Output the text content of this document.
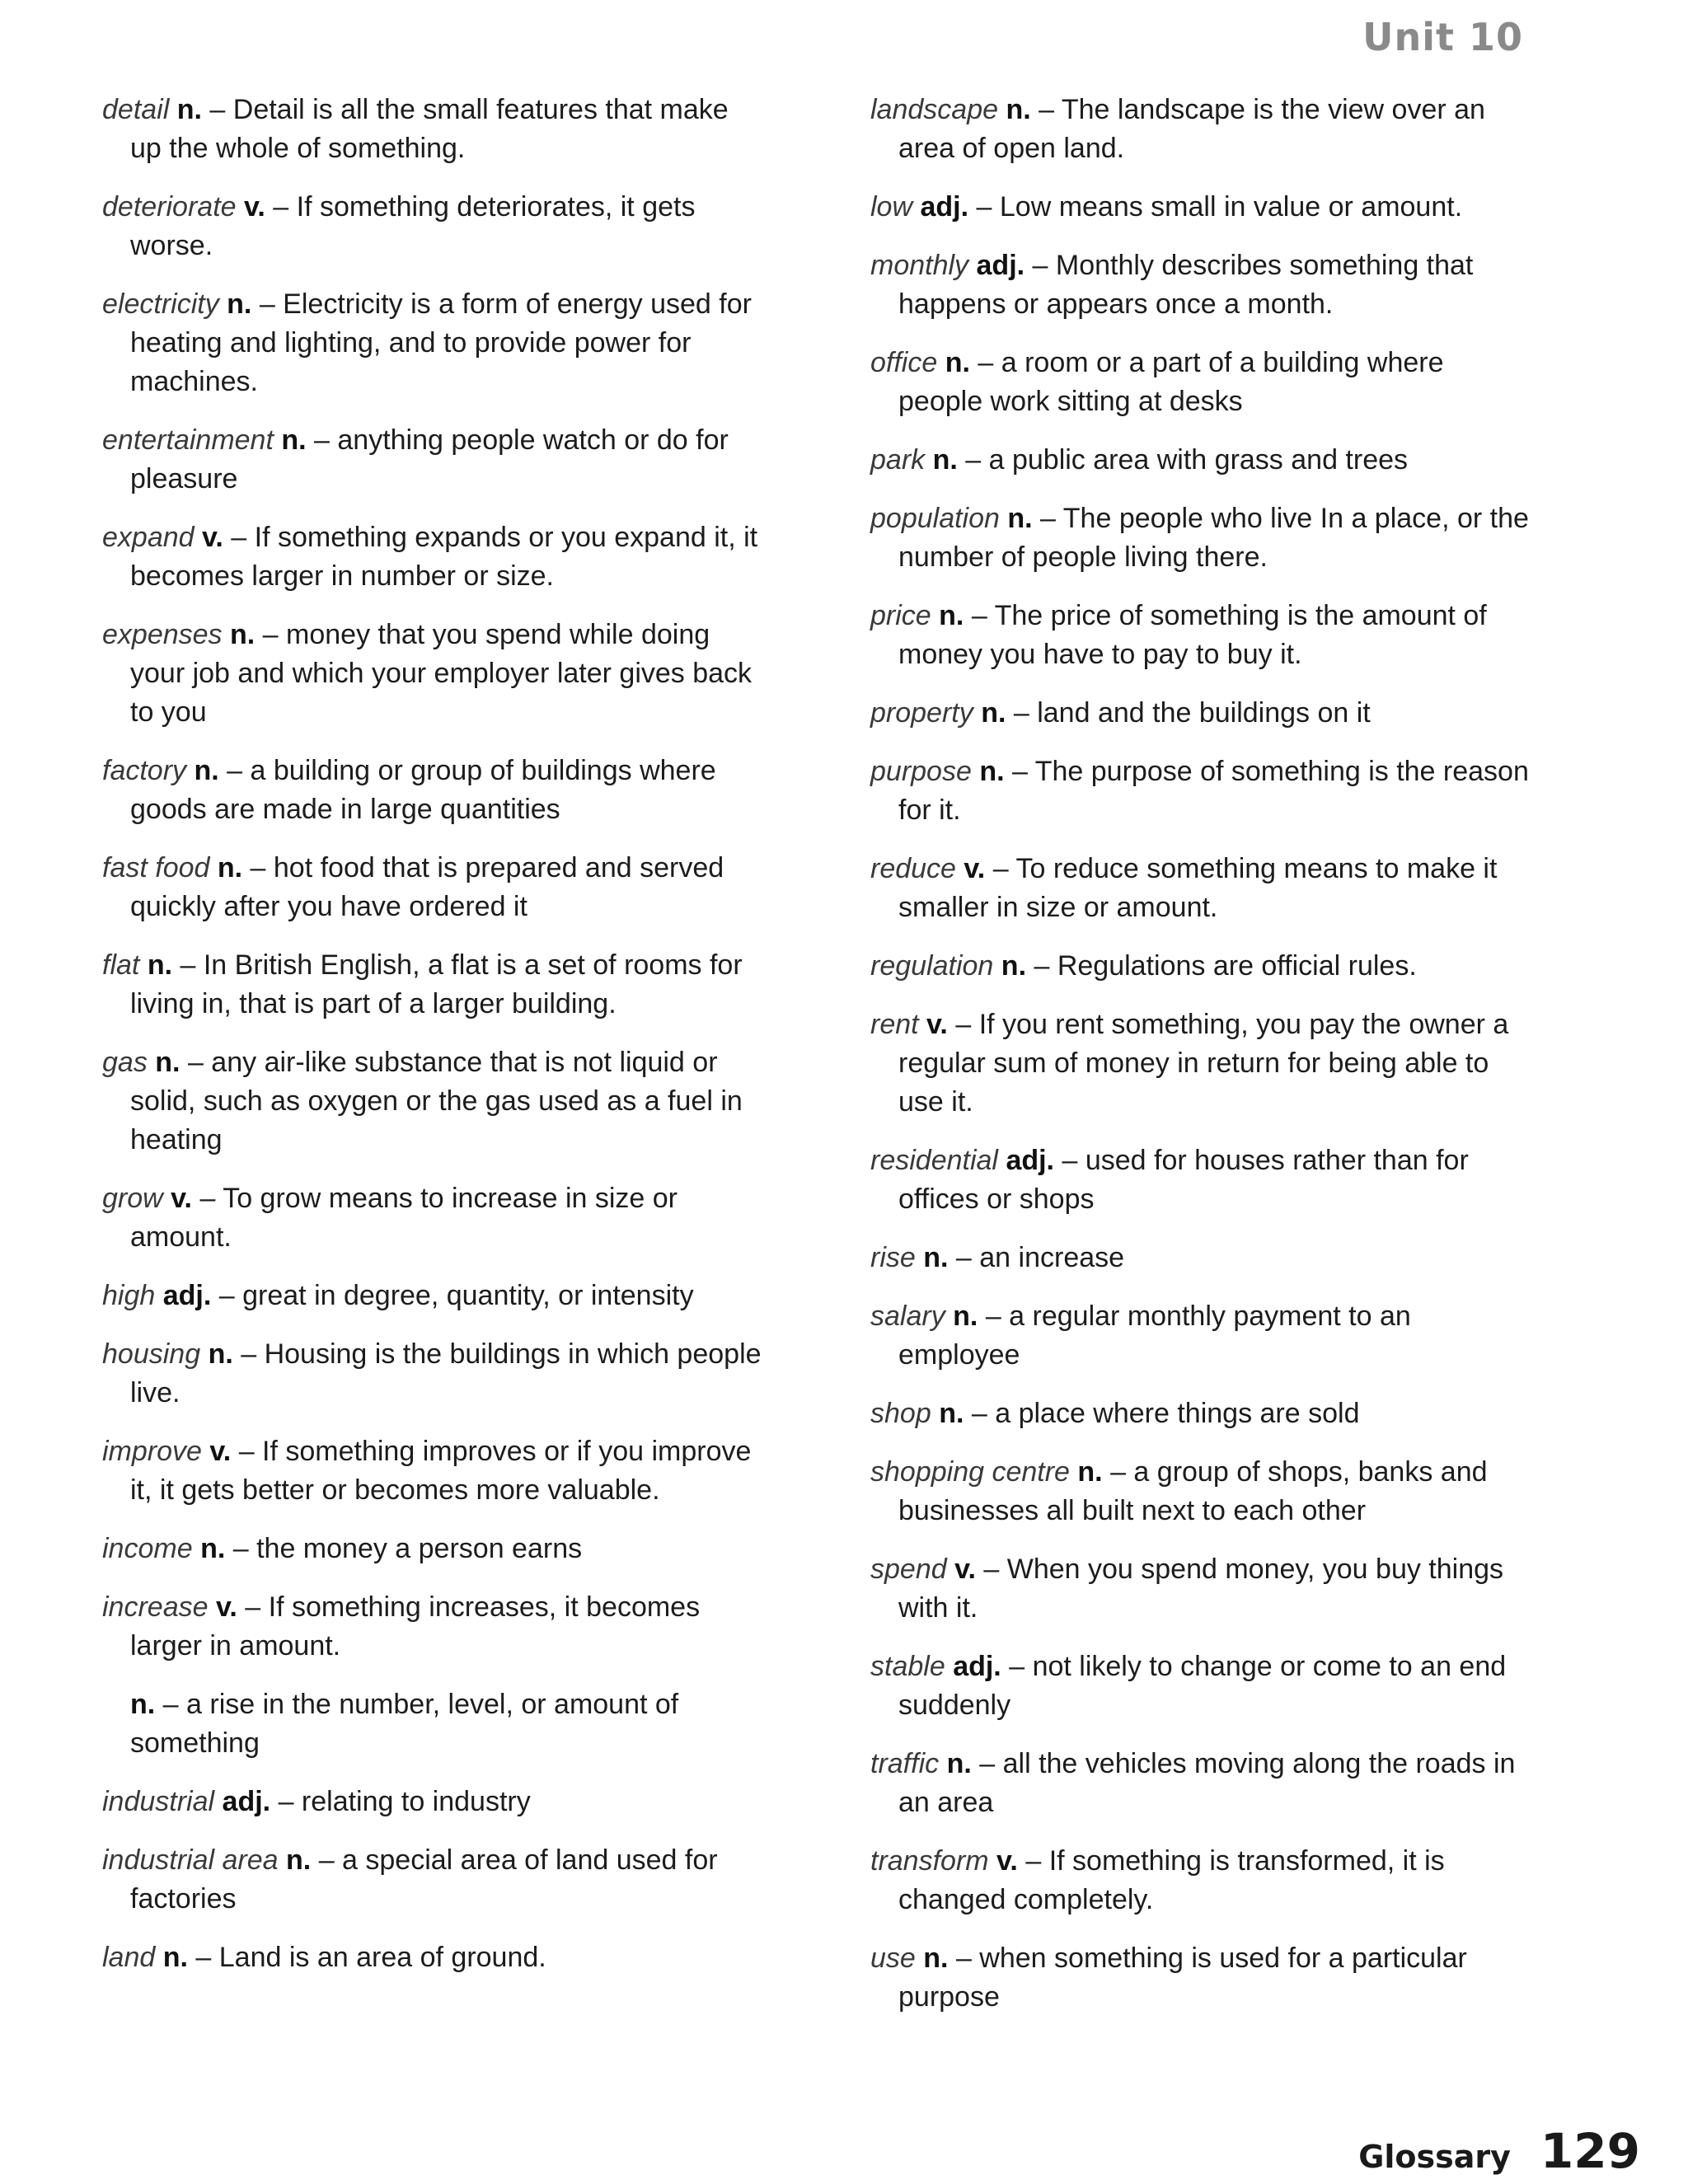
Unit 10

detail n. – Detail is all the small features that make up the whole of something.

deteriorate v. – If something deteriorates, it gets worse.

electricity n. – Electricity is a form of energy used for heating and lighting, and to provide power for machines.

entertainment n. – anything people watch or do for pleasure

expand v. – If something expands or you expand it, it becomes larger in number or size.

expenses n. – money that you spend while doing your job and which your employer later gives back to you

factory n. – a building or group of buildings where goods are made in large quantities

fast food n. – hot food that is prepared and served quickly after you have ordered it

flat n. – In British English, a flat is a set of rooms for living in, that is part of a larger building.

gas n. – any air-like substance that is not liquid or solid, such as oxygen or the gas used as a fuel in heating

grow v. – To grow means to increase in size or amount.

high adj. – great in degree, quantity, or intensity

housing n. – Housing is the buildings in which people live.

improve v. – If something improves or if you improve it, it gets better or becomes more valuable.

income n. – the money a person earns

increase v. – If something increases, it becomes larger in amount.

n. – a rise in the number, level, or amount of something

industrial adj. – relating to industry

industrial area n. – a special area of land used for factories

land n. – Land is an area of ground.

landscape n. – The landscape is the view over an area of open land.

low adj. – Low means small in value or amount.

monthly adj. – Monthly describes something that happens or appears once a month.

office n. – a room or a part of a building where people work sitting at desks

park n. – a public area with grass and trees

population n. – The people who live In a place, or the number of people living there.

price n. – The price of something is the amount of money you have to pay to buy it.

property n. – land and the buildings on it

purpose n. – The purpose of something is the reason for it.

reduce v. – To reduce something means to make it smaller in size or amount.

regulation n. – Regulations are official rules.

rent v. – If you rent something, you pay the owner a regular sum of money in return for being able to use it.

residential adj. – used for houses rather than for offices or shops

rise n. – an increase

salary n. – a regular monthly payment to an employee

shop n. – a place where things are sold

shopping centre n. – a group of shops, banks and businesses all built next to each other

spend v. – When you spend money, you buy things with it.

stable adj. – not likely to change or come to an end suddenly

traffic n. – all the vehicles moving along the roads in an area

transform v. – If something is transformed, it is changed completely.

use n. – when something is used for a particular purpose

Glossary 129
